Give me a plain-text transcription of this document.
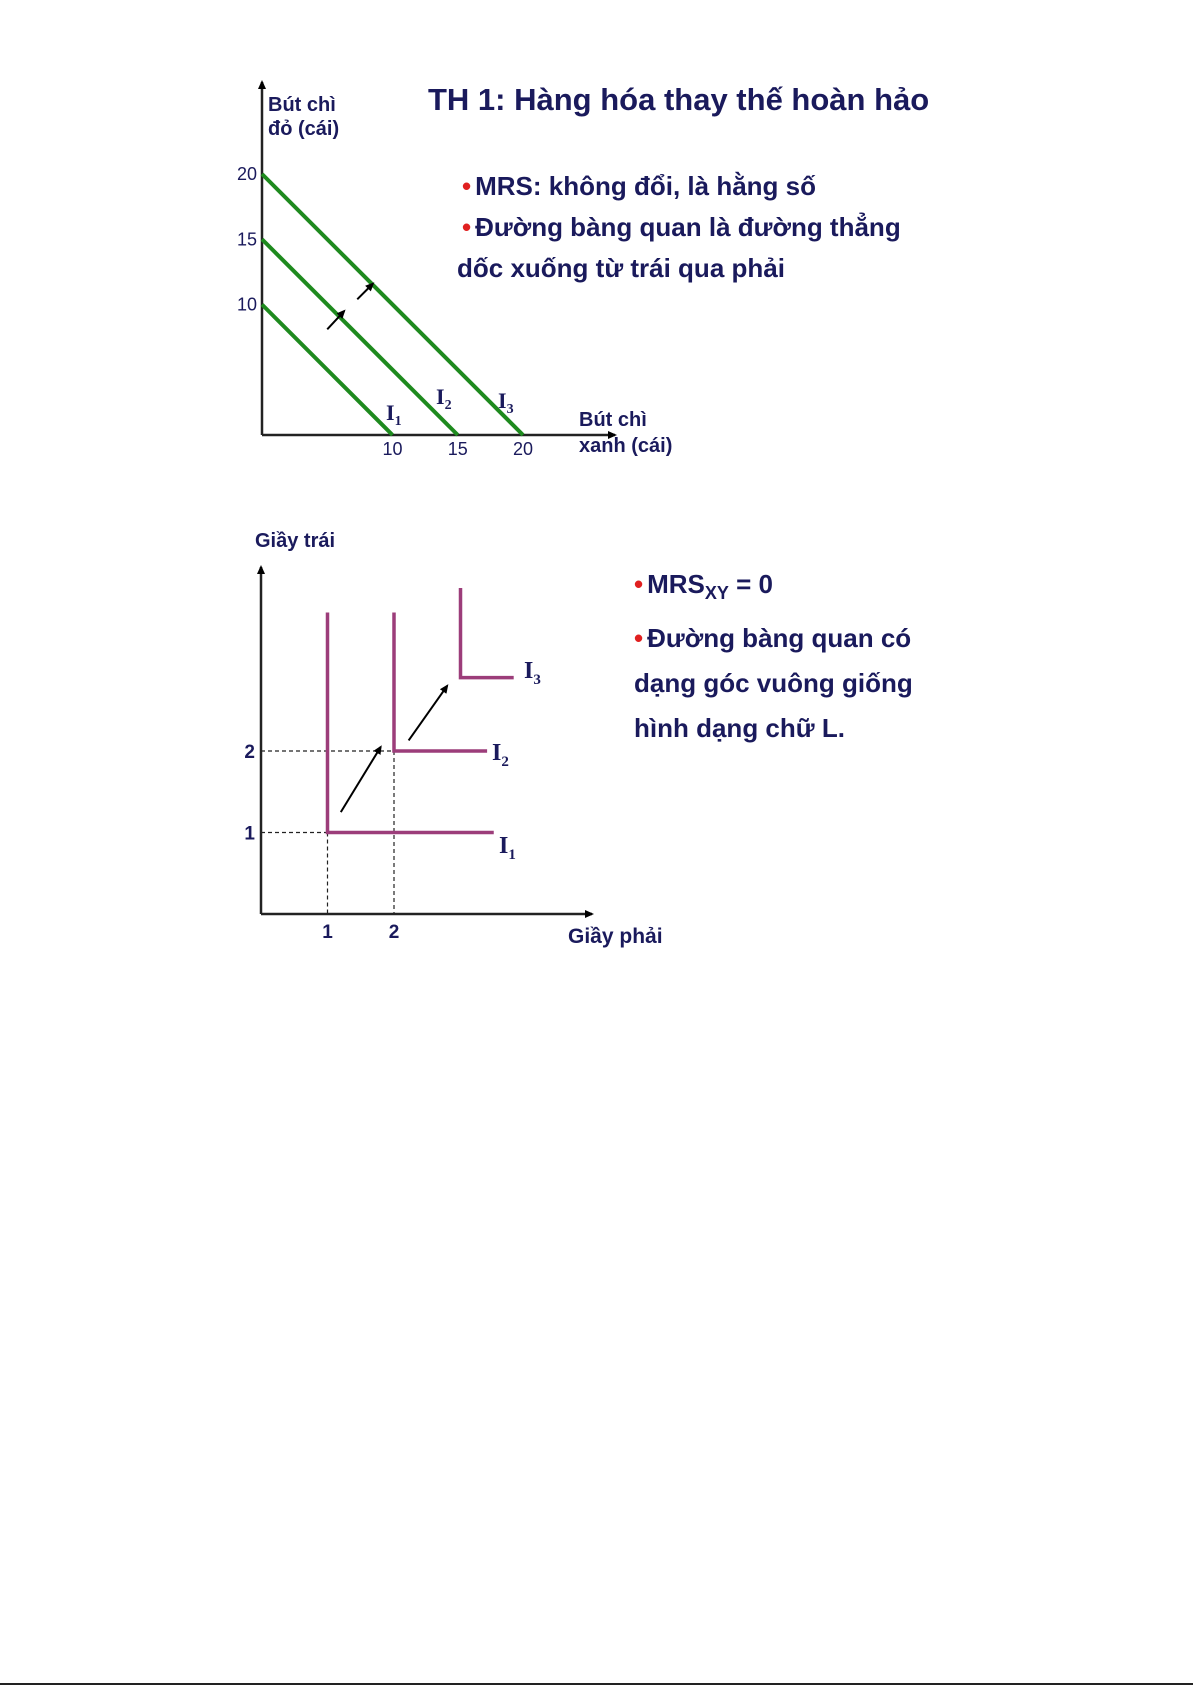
Bút chì
đỏ (cái)
Bút chì
xanh (cái)
10	15	20
10
15
20
$I_1$
$I_2$ $I_3$
Giầy trái
Giầy phải
1	2
1
2
$I_1$
$I_2$
$I_3$
TH 1: Hàng hóa thay thế hoàn hảo
• MRS: không đổi, là hằng số
• Đường bàng quan là đường thẳng
dốc xuống từ trái qua phải
• $MRS_{XY} = 0$
• Đường bàng quan có
dạng góc vuông giống
hình dạng chữ L.
